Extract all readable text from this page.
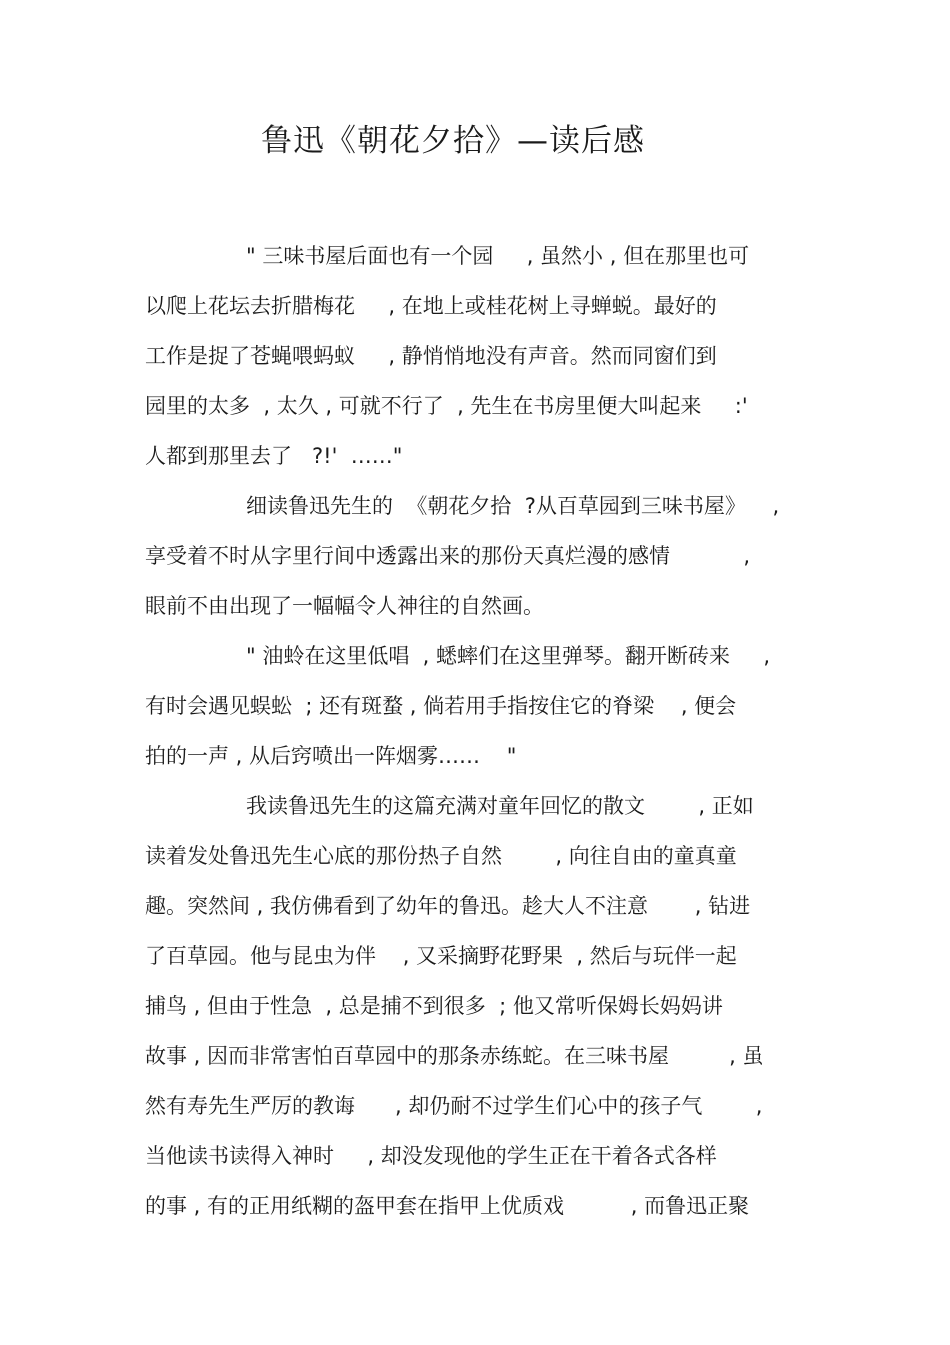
鲁迅《朝花夕拾》—读后感
" 三味书屋后面也有一个园     , 虽然小 , 但在那里也可
以爬上花坛去折腊梅花     , 在地上或桂花树上寻蝉蜕。最好的
工作是捉了苍蝇喂蚂蚁     , 静悄悄地没有声音。然而同窗们到
园里的太多  , 太久 , 可就不行了  , 先生在书房里便大叫起来     :'
人都到那里去了   ?!'  ……"
细读鲁迅先生的  《朝花夕拾  ?从百草园到三味书屋》    ,
享受着不时从字里行间中透露出来的那份天真烂漫的感情           ,
眼前不由出现了一幅幅令人神往的自然画。
" 油蛉在这里低唱  , 蟋蟀们在这里弹琴。翻开断砖来     ,
有时会遇见蜈蚣  ; 还有斑蝥 , 倘若用手指按住它的脊梁    , 便会
拍的一声 , 从后窍喷出一阵烟雾……    "
我读鲁迅先生的这篇充满对童年回忆的散文        , 正如
读着发处鲁迅先生心底的那份热子自然        , 向往自由的童真童
趣。突然间 , 我仿佛看到了幼年的鲁迅。趁大人不注意       , 钻进
了百草园。他与昆虫为伴    , 又采摘野花野果  , 然后与玩伴一起
捕鸟 , 但由于性急  , 总是捕不到很多  ; 他又常听保姆长妈妈讲
故事 , 因而非常害怕百草园中的那条赤练蛇。在三味书屋         , 虽
然有寿先生严厉的教诲      , 却仍耐不过学生们心中的孩子气        ,
当他读书读得入神时     , 却没发现他的学生正在干着各式各样
的事 , 有的正用纸糊的盔甲套在指甲上优质戏          , 而鲁迅正聚
